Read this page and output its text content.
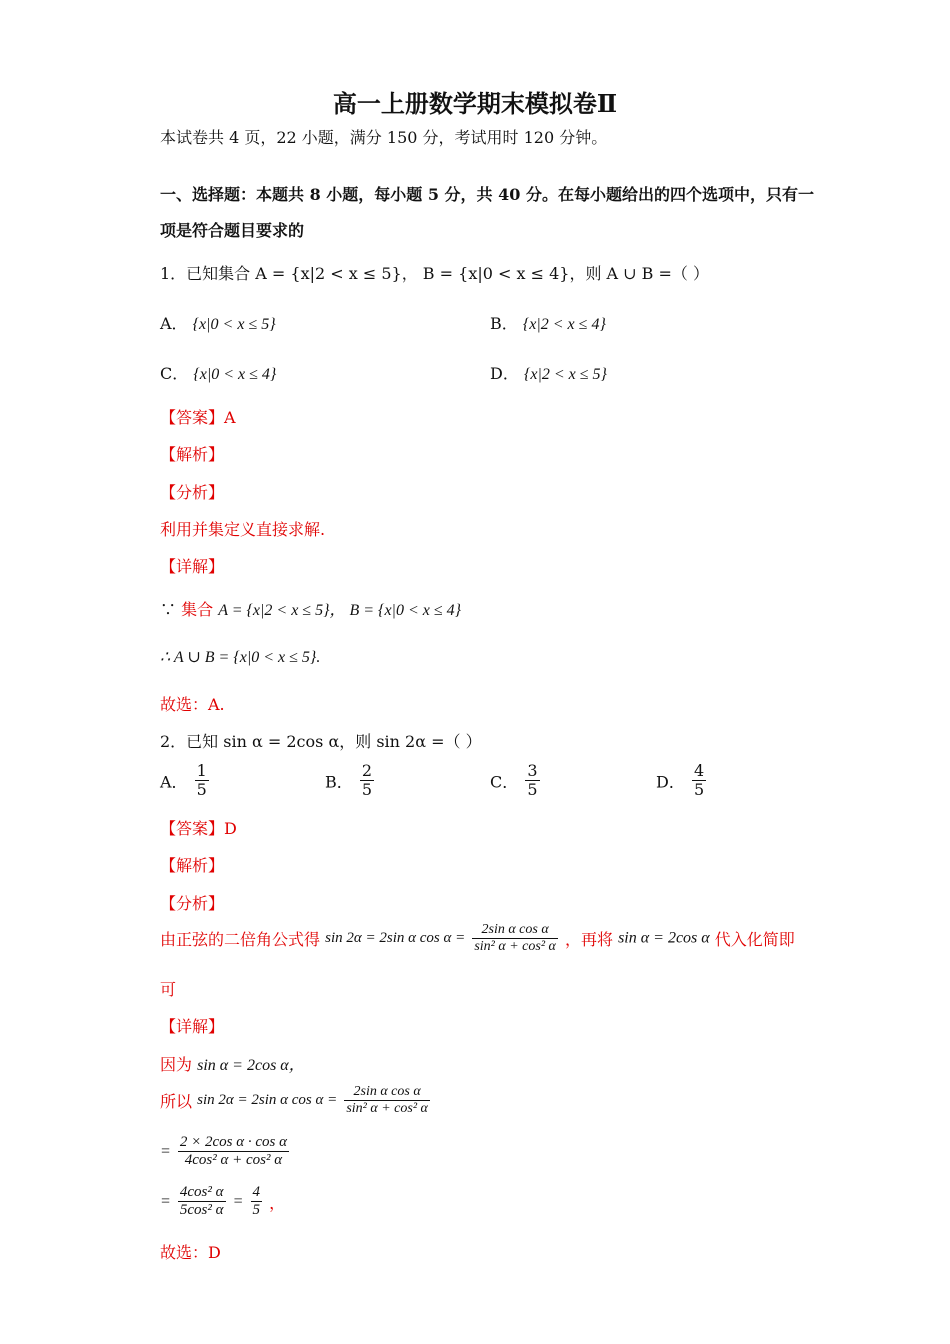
高一上册数学期末模拟卷Ⅱ
本试卷共 4 页，22 小题，满分 150 分，考试用时 120 分钟。
一、选择题：本题共 8 小题，每小题 5 分，共 40 分。在每小题给出的四个选项中，只有一
项是符合题目要求的
1．已知集合 A = {x|2 < x ≤ 5}， B = {x|0 < x ≤ 4}，则 A ∪ B =（ ）
A． {x|0 < x ≤ 5}	B． {x|2 < x ≤ 4}
C． {x|0 < x ≤ 4}	D． {x|2 < x ≤ 5}
【答案】A
【解析】
【分析】
利用并集定义直接求解.
【详解】
∵ 集合 A = {x|2 < x ≤ 5}， B = {x|0 < x ≤ 4}
∴ A ∪ B = {x|0 < x ≤ 5}.
故选：A.
2．已知 sin α = 2cos α，则 sin 2α =（ ）
A． $\frac{1}{5}$	B． $\frac{2}{5}$	C． $\frac{3}{5}$	D． $\frac{4}{5}$
【答案】D
【解析】
【分析】
由正弦的二倍角公式得 sin 2α = 2sin α $\cos \alpha = \frac{\text{2sin α cos α}}{\text{sin² α + cos² α}}$ ，再将 sin α = 2cos α 代入化简即
可
【详解】
因为 sin α = 2cos α，
所以 sin 2α = 2sin α $\cos \alpha = \frac{\text{2sin α cos α}}{\text{sin² α + cos² α}}$
= $\frac{\text{2 × 2cos α · cos α}}{\text{4cos² α + cos² α}}$
= $\frac{\text{4cos² α}}{\text{5cos² α}} = \frac{4}{5}$ ，
故选：D
